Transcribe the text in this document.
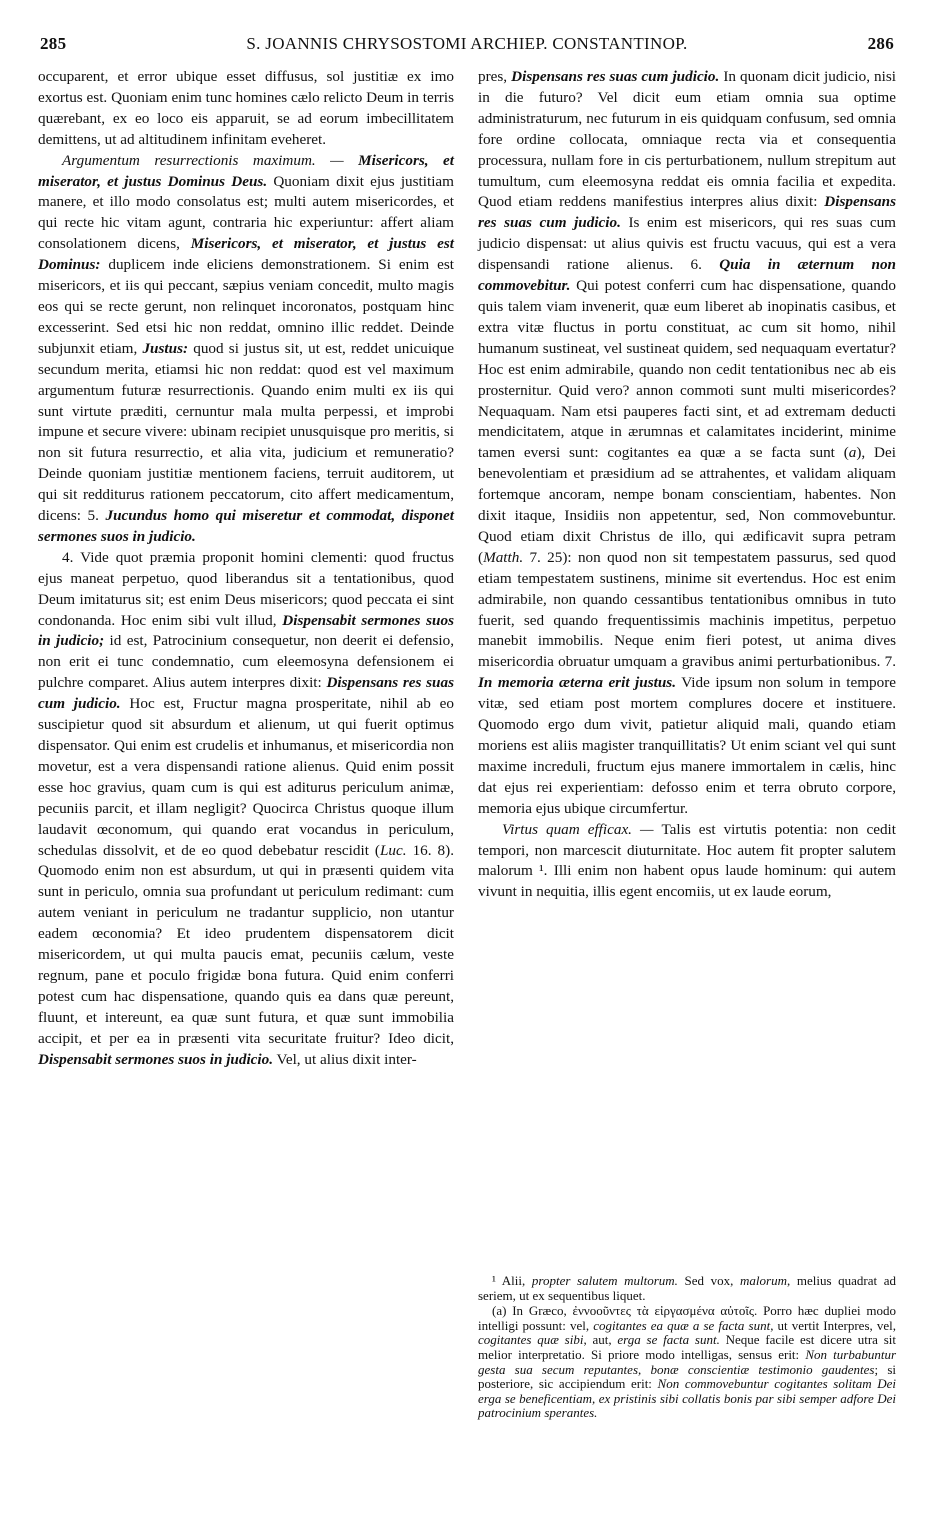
285	S. JOANNIS CHRYSOSTOMI ARCHIEP. CONSTANTINOP.	286

occuparent, et error ubique esset diffusus, sol justitiæ ex imo exortus est. Quoniam enim tunc homines cælo relicto Deum in terris quærebant, ex eo loco eis apparuit, se ad eorum imbecillitatem demittens, ut ad altitudinem infinitam eveheret.

Argumentum resurrectionis maximum. — Misericors, et miserator, et justus Dominus Deus. Quoniam dixit ejus justitiam manere, et illo modo consolatus est; multi autem misericordes, et qui recte hic vitam agunt, contraria hic experiuntur: affert aliam consolationem dicens, Misericors, et miserator, et justus est Dominus: duplicem inde eliciens demonstrationem. Si enim est misericors, et iis qui peccant, sæpius veniam concedit, multo magis eos qui se recte gerunt, non relinquet incoronatos, postquam hinc excesserint. Sed etsi hic non reddat, omnino illic reddet. Deinde subjunxit etiam, Justus: quod si justus sit, ut est, reddet unicuique secundum merita, etiamsi hic non reddat: quod est vel maximum argumentum futuræ resurrectionis. Quando enim multi ex iis qui sunt virtute præditi, cernuntur mala multa perpessi, et improbi impune et secure vivere: ubinam recipiet unusquisque pro meritis, si non sit futura resurrectio, et alia vita, judicium et remuneratio? Deinde quoniam justitiæ mentionem faciens, terruit auditorem, ut qui sit redditurus rationem peccatorum, cito affert medicamentum, dicens: 5. Jucundus homo qui miseretur et commodat, disponet sermones suos in judicio.

4. Vide quot præmia proponit homini clementi: quod fructus ejus maneat perpetuo, quod liberandus sit a tentationibus, quod Deum imitaturus sit; est enim Deus misericors; quod peccata ei sint condonanda. Hoc enim sibi vult illud, Dispensabit sermones suos in judicio; id est, Patrocinium consequetur, non deerit ei defensio, non erit ei tunc condemnatio, cum eleemosyna defensionem ei pulchre comparet. Alius autem interpres dixit: Dispensans res suas cum judicio. Hoc est, Fructur magna prosperitate, nihil ab eo suscipietur quod sit absurdum et alienum, ut qui fuerit optimus dispensator. Qui enim est crudelis et inhumanus, et misericordia non movetur, est a vera dispensandi ratione alienus. Quid enim possit esse hoc gravius, quam cum is qui est aditurus periculum animæ, pecuniis parcit, et illam negligit? Quocirca Christus quoque illum laudavit œconomum, qui quando erat vocandus in periculum, schedulas dissolvit, et de eo quod debebatur rescidit (Luc. 16. 8). Quomodo enim non est absurdum, ut qui in præsenti quidem vita sunt in periculo, omnia sua profundant ut periculum redimant: cum autem veniant in periculum ne tradantur supplicio, non utantur eadem œconomia? Et ideo prudentem dispensatorem dicit misericordem, ut qui multa paucis emat, pecuniis cælum, veste regnum, pane et poculo frigidæ bona futura. Quid enim conferri potest cum hac dispensatione, quando quis ea dans quæ pereunt, fluunt, et intereunt, ea quæ sunt futura, et quæ sunt immobilia accipit, et per ea in præsenti vita securitate fruitur? Ideo dicit, Dispensabit sermones suos in judicio. Vel, ut alius dixit inter-

pres, Dispensans res suas cum judicio. In quonam dicit judicio, nisi in die futuro? Vel dicit eum etiam omnia sua optime administraturum, nec futurum in eis quidquam confusum, sed omnia fore ordine collocata, omniaque recta via et consequentia processura, nullam fore in cis perturbationem, nullum strepitum aut tumultum, cum eleemosyna reddat eis omnia facilia et expedita. Quod etiam reddens manifestius interpres alius dixit: Dispensans res suas cum judicio. Is enim est misericors, qui res suas cum judicio dispensat: ut alius quivis est fructu vacuus, qui est a vera dispensandi ratione alienus. 6. Quia in æternum non commovebitur. Qui potest conferri cum hac dispensatione, quando quis talem viam invenerit, quæ eum liberet ab inopinatis casibus, et extra vitæ fluctus in portu constituat, ac cum sit homo, nihil humanum sustineat, vel sustineat quidem, sed nequaquam evertatur? Hoc est enim admirabile, quando non cedit tentationibus nec ab eis prosternitur. Quid vero? annon commoti sunt multi misericordes? Nequaquam. Nam etsi pauperes facti sint, et ad extremam deducti mendicitatem, atque in ærumnas et calamitates inciderint, minime tamen eversi sunt: cogitantes ea quæ a se facta sunt (a), Dei benevolentiam et præsidium ad se attrahentes, et validam aliquam fortemque ancoram, nempe bonam conscientiam, habentes. Non dixit itaque, Insidiis non appetentur, sed, Non commovebuntur. Quod etiam dixit Christus de illo, qui ædificavit supra petram (Matth. 7. 25): non quod non sit tempestatem passurus, sed quod etiam tempestatem sustinens, minime sit evertendus. Hoc est enim admirabile, non quando cessantibus tentationibus omnibus in tuto fuerit, sed quando frequentissimis machinis impetitus, perpetuo manebit immobilis. Neque enim fieri potest, ut anima dives misericordia obruatur umquam a gravibus animi perturbationibus. 7. In memoria æterna erit justus. Vide ipsum non solum in tempore vitæ, sed etiam post mortem complures docere et instituere. Quomodo ergo dum vivit, patietur aliquid mali, quando etiam moriens est aliis magister tranquillitatis? Ut enim sciant vel qui sunt maxime increduli, fructum ejus manere immortalem in cælis, hinc dat ejus rei experientiam: defosso enim et terra obruto corpore, memoria ejus ubique circumfertur.

Virtus quam efficax. — Talis est virtutis potentia: non cedit tempori, non marcescit diuturnitate. Hoc autem fit propter salutem malorum ¹. Illi enim non habent opus laude hominum: qui autem vivunt in nequitia, illis egent encomiis, ut ex laude eorum,

¹ Alii, propter salutem multorum. Sed vox, malorum, melius quadrat ad seriem, ut ex sequentibus liquet.

(a) In Græco, ἐννοοῦντες τὰ εἰργασμένα αὐτοῖς. Porro hæc dupliei modo intelligi possunt: vel, cogitantes ea quæ a se facta sunt, ut vertit Interpres, vel, cogitantes quæ sibi, aut, erga se facta sunt. Neque facile est dicere utra sit melior interpretatio. Si priore modo intelligas, sensus erit: Non turbabuntur gesta sua secum reputantes, bonæ conscientiæ testimonio gaudentes; si posteriore, sic accipiendum erit: Non commovebuntur cogitantes solitam Dei erga se beneficentiam, ex pristinis sibi collatis bonis par sibi semper adfore Dei patrocinium sperantes.
